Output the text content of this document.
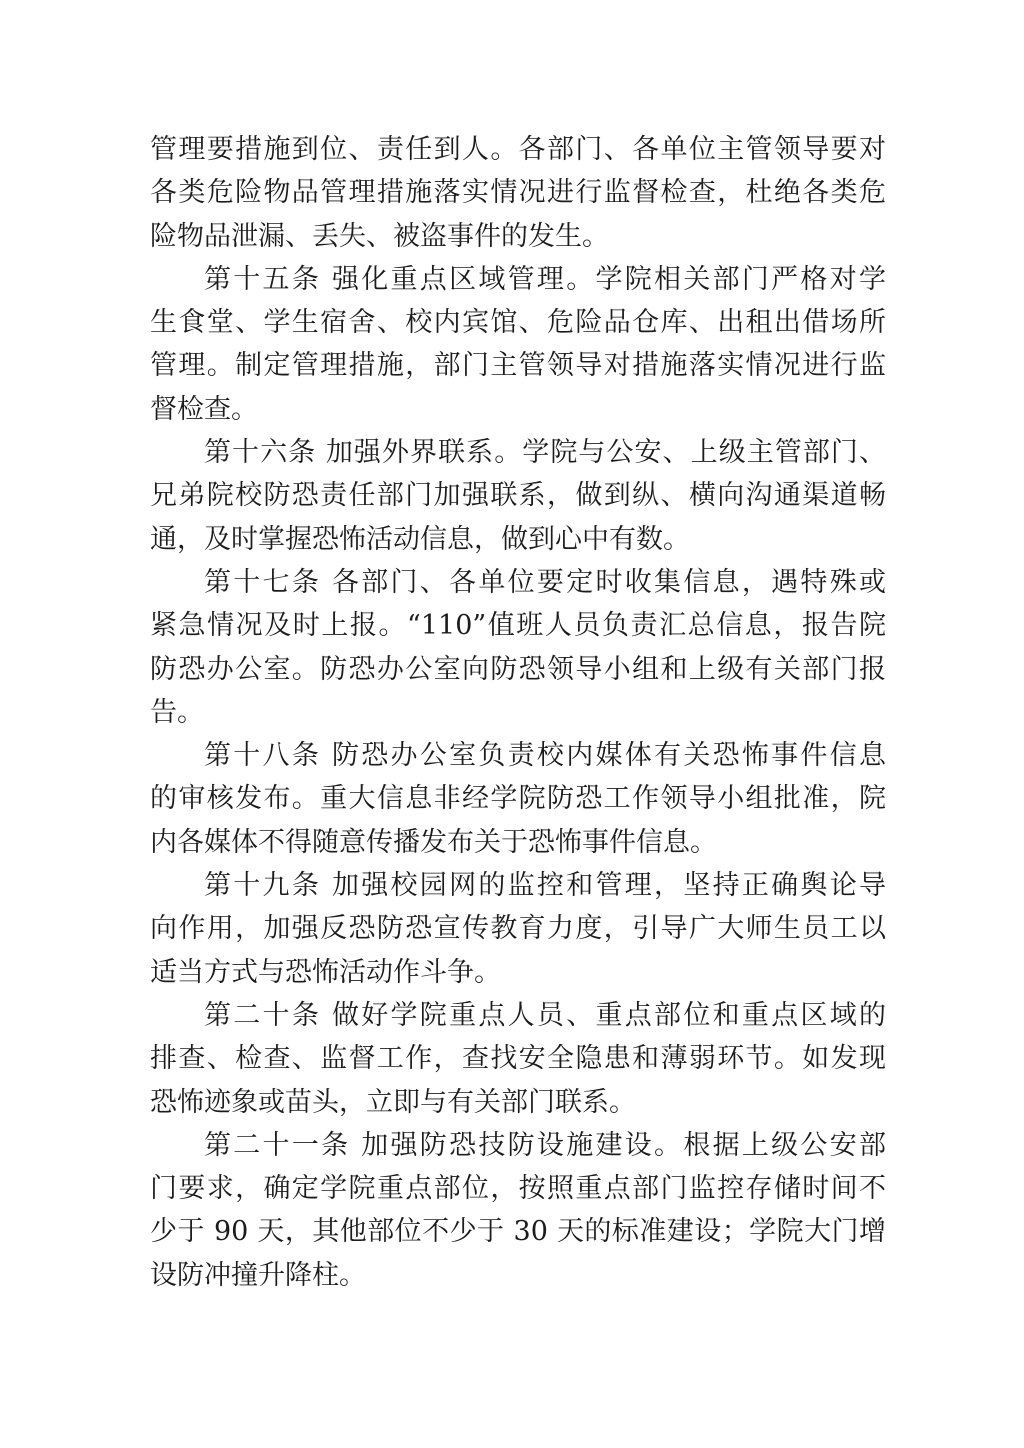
管理要措施到位、责任到人。各部门、各单位主管领导要对
各类危险物品管理措施落实情况进行监督检查，杜绝各类危
险物品泄漏、丢失、被盗事件的发生。
第十五条 强化重点区域管理。学院相关部门严格对学
生食堂、学生宿舍、校内宾馆、危险品仓库、出租出借场所
管理。制定管理措施，部门主管领导对措施落实情况进行监
督检查。
第十六条 加强外界联系。学院与公安、上级主管部门、
兄弟院校防恐责任部门加强联系，做到纵、横向沟通渠道畅
通，及时掌握恐怖活动信息，做到心中有数。
第十七条 各部门、各单位要定时收集信息，遇特殊或
紧急情况及时上报。“110”值班人员负责汇总信息，报告院
防恐办公室。防恐办公室向防恐领导小组和上级有关部门报
告。
第十八条 防恐办公室负责校内媒体有关恐怖事件信息
的审核发布。重大信息非经学院防恐工作领导小组批准，院
内各媒体不得随意传播发布关于恐怖事件信息。
第十九条 加强校园网的监控和管理，坚持正确舆论导
向作用，加强反恐防恐宣传教育力度，引导广大师生员工以
适当方式与恐怖活动作斗争。
第二十条 做好学院重点人员、重点部位和重点区域的
排查、检查、监督工作，查找安全隐患和薄弱环节。如发现
恐怖迹象或苗头，立即与有关部门联系。
第二十一条 加强防恐技防设施建设。根据上级公安部
门要求，确定学院重点部位，按照重点部门监控存储时间不
少于 90 天，其他部位不少于 30 天的标准建设；学院大门增
设防冲撞升降柱。
